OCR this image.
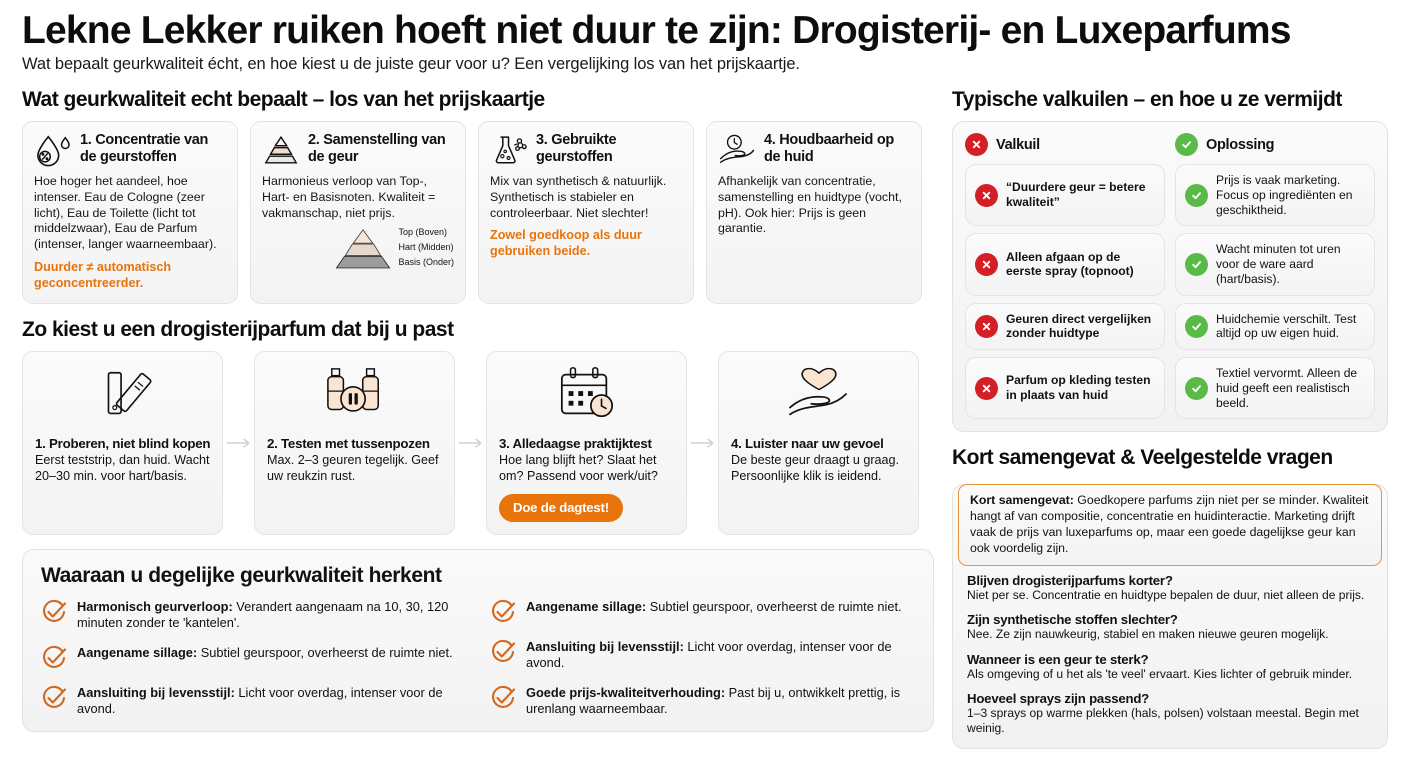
Lekne Lekker ruiken hoeft niet duur te zijn: Drogisterij- en Luxeparfums
Wat bepaalt geurkwaliteit écht, en hoe kiest u de juiste geur voor u? Een vergelijking los van het prijskaartje.
Wat geurkwaliteit echt bepaalt – los van het prijskaartje
1. Concentratie van de geurstoffen
Hoe hoger het aandeel, hoe intenser. Eau de Cologne (zeer licht), Eau de Toilette (licht tot middelzwaar), Eau de Parfum (intenser, langer waarneembaar).
Duurder ≠ automatisch geconcentreerder.
2. Samenstelling van de geur
Harmonieus verloop van Top-, Hart- en Basisnoten. Kwaliteit = vakmanschap, niet prijs.
Top (Boven)
Hart (Midden)
Basis (Onder)
3. Gebruikte geurstoffen
Mix van synthetisch & natuurlijk. Synthetisch is stabieler en controleerbaar. Niet slechter!
Zowel goedkoop als duur gebruiken beide.
4. Houdbaarheid op de huid
Afhankelijk van concentratie, samenstelling en huidtype (vocht, pH). Ook hier: Prijs is geen garantie.
Zo kiest u een drogisterijparfum dat bij u past
1. Proberen, niet blind kopen
Eerst teststrip, dan huid. Wacht 20–30 min. voor hart/basis.
2. Testen met tussenpozen
Max. 2–3 geuren tegelijk. Geef uw reukzin rust.
3. Alledaagse praktijktest
Hoe lang blijft het? Slaat het om? Passend voor werk/uit?
Doe de dagtest!
4. Luister naar uw gevoel
De beste geur draagt u graag. Persoonlijke klik is ieidend.
Waaraan u degelijke geurkwaliteit herkent
Harmonisch geurverloop: Verandert aangenaam na 10, 30, 120 minuten zonder te 'kantelen'.
Aangename sillage: Subtiel geurspoor, overheerst de ruimte niet.
Aansluiting bij levensstijl: Licht voor overdag, intenser voor de avond.
Aangename sillage: Subtiel geurspoor, overheerst de ruimte niet.
Aansluiting bij levensstijl: Licht voor overdag, intenser voor de avond.
Goede prijs-kwaliteitverhouding: Past bij u, ontwikkelt prettig, is urenlang waarneembaar.
Typische valkuilen – en hoe u ze vermijdt
Valkuil	Oplossing
“Duurdere geur = betere kwaliteit”
Prijs is vaak marketing. Focus op ingrediënten en geschiktheid.
Alleen afgaan op de eerste spray (topnoot)
Wacht minuten tot uren voor de ware aard (hart/basis).
Geuren direct vergelijken zonder huidtype
Huidchemie verschilt. Test altijd op uw eigen huid.
Parfum op kleding testen in plaats van huid
Textiel vervormt. Alleen de huid geeft een realistisch beeld.
Kort samengevat & Veelgestelde vragen
Kort samengevat: Goedkopere parfums zijn niet per se minder. Kwaliteit hangt af van compositie, concentratie en huidinteractie. Marketing drijft vaak de prijs van luxeparfums op, maar een goede dagelijkse geur kan ook voordelig zijn.
Blijven drogisterijparfums korter?
Niet per se. Concentratie en huidtype bepalen de duur, niet alleen de prijs.
Zijn synthetische stoffen slechter?
Nee. Ze zijn nauwkeurig, stabiel en maken nieuwe geuren mogelijk.
Wanneer is een geur te sterk?
Als omgeving of u het als 'te veel' ervaart. Kies lichter of gebruik minder.
Hoeveel sprays zijn passend?
1–3 sprays op warme plekken (hals, polsen) volstaan meestal. Begin met weinig.
